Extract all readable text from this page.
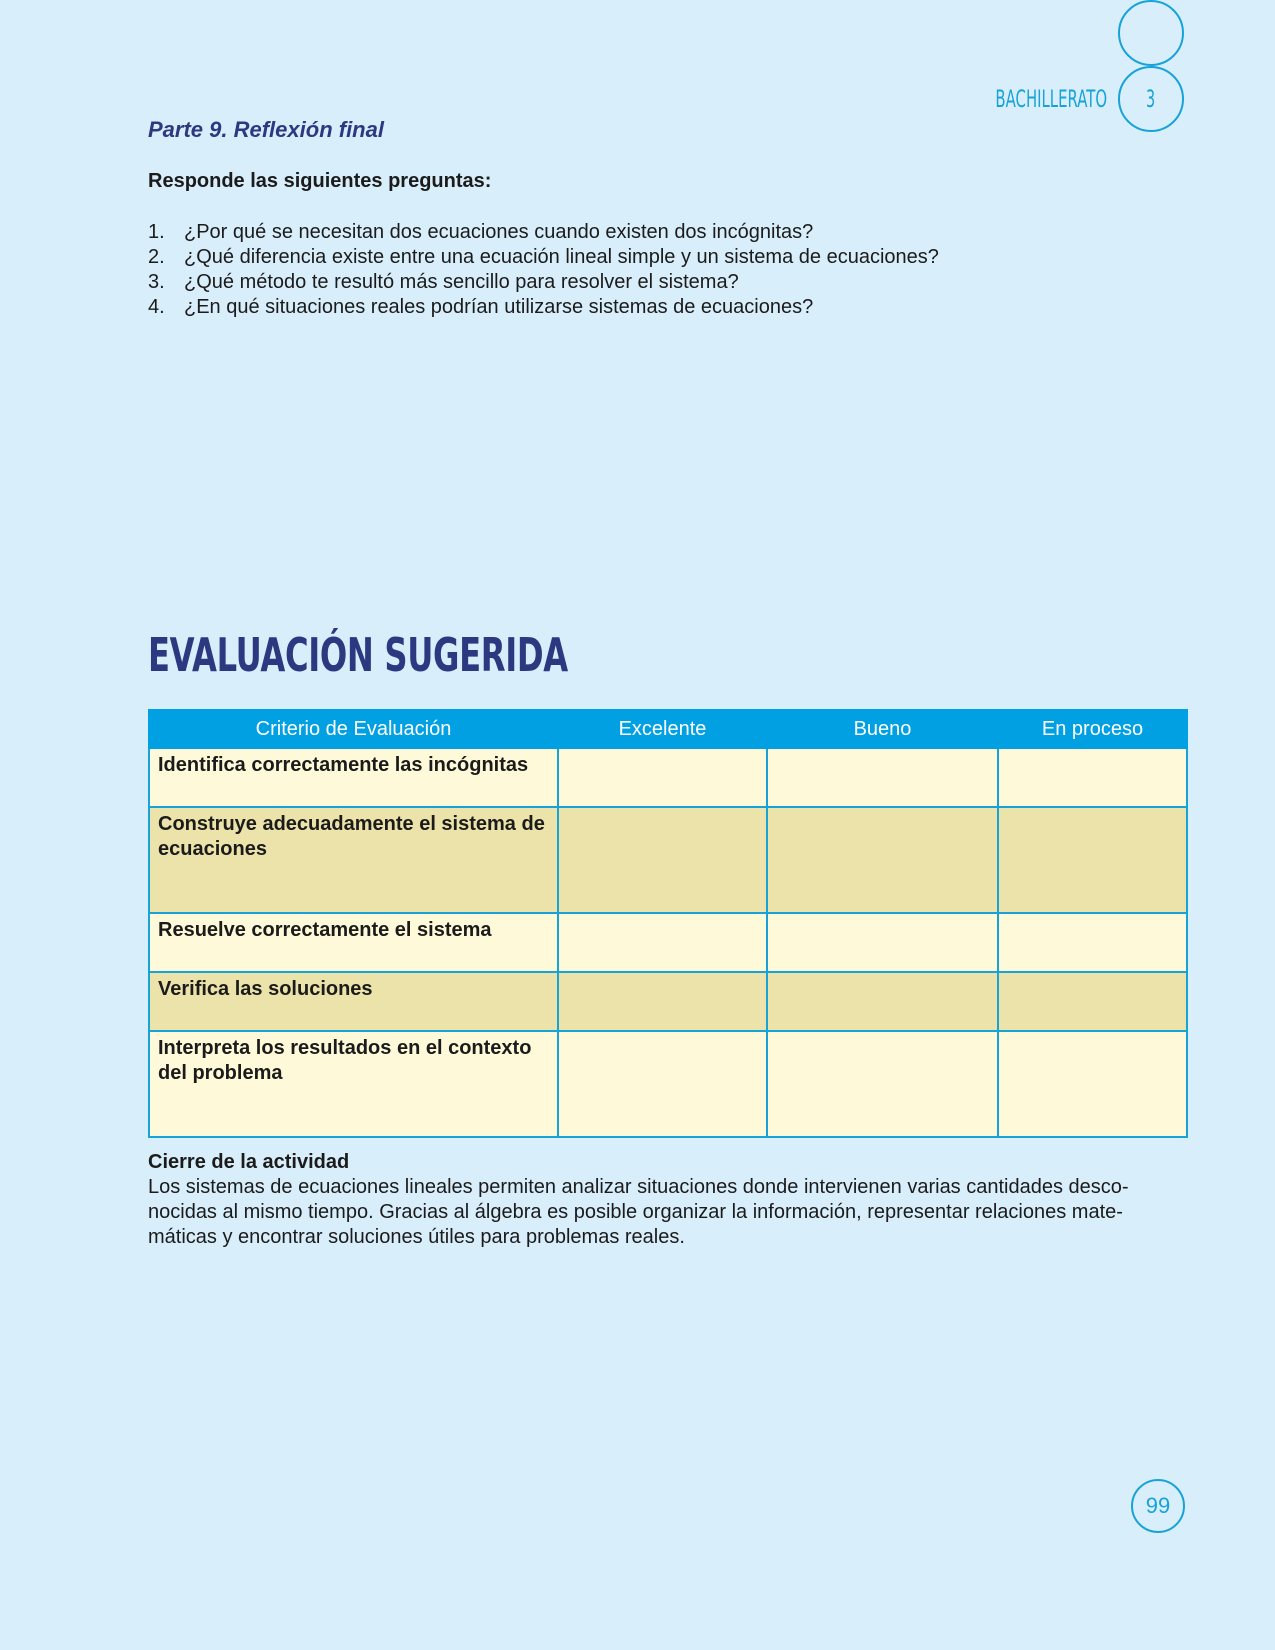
3
BACHILLERATO
Parte 9. Reflexión final
Responde las siguientes preguntas:
1. ¿Por qué se necesitan dos ecuaciones cuando existen dos incógnitas?
2. ¿Qué diferencia existe entre una ecuación lineal simple y un sistema de ecuaciones?
3. ¿Qué método te resultó más sencillo para resolver el sistema?
4. ¿En qué situaciones reales podrían utilizarse sistemas de ecuaciones?
EVALUACIÓN SUGERIDA
Criterio de Evaluación	Excelente	Bueno	En proceso
Identifica correctamente las incógnitas			
Construye adecuadamente el sistema de ecuaciones			
Resuelve correctamente el sistema			
Verifica las soluciones			
Interpreta los resultados en el contexto del problema			
Cierre de la actividad
Los sistemas de ecuaciones lineales permiten analizar situaciones donde intervienen varias cantidades desco-nocidas al mismo tiempo. Gracias al álgebra es posible organizar la información, representar relaciones mate-máticas y encontrar soluciones útiles para problemas reales.
99
